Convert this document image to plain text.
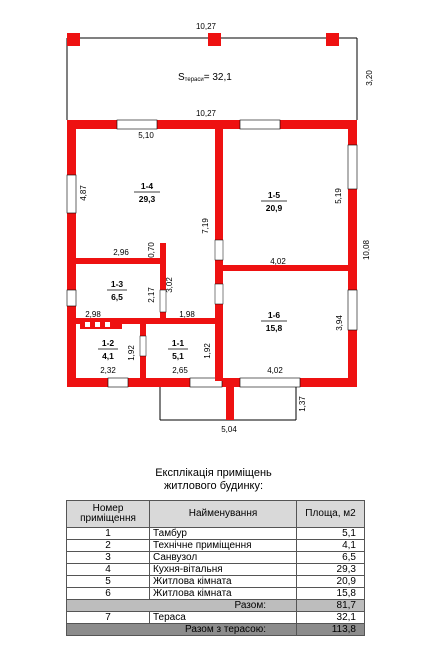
10,27
3,20
Sтераси= 32,1
5,04
1,37
10,27
5,10
4,87
7,19
5,19
10,08
2,96 0,70
3,02
2,17
4,02
2,98	1,98
3,94
1,92	1,92
2,32	2,65	4,02
1-4
29,3	1-5
20,9
1-3
6,5
1-6
15,8
1-2
4,1
1-1
5,1
Експлікація приміщень
житлового будинку:
Номер приміщення	Найменування	Площа, м2
1	Тамбур	5,1
2	Технічне приміщення	4,1
3	Санвузол	6,5
4	Кухня-вітальня	29,3
5	Житлова кімната	20,9
6	Житлова кімната	15,8
Разом:		81,7
7	Тераса	32,1
Разом з терасою:		113,8
